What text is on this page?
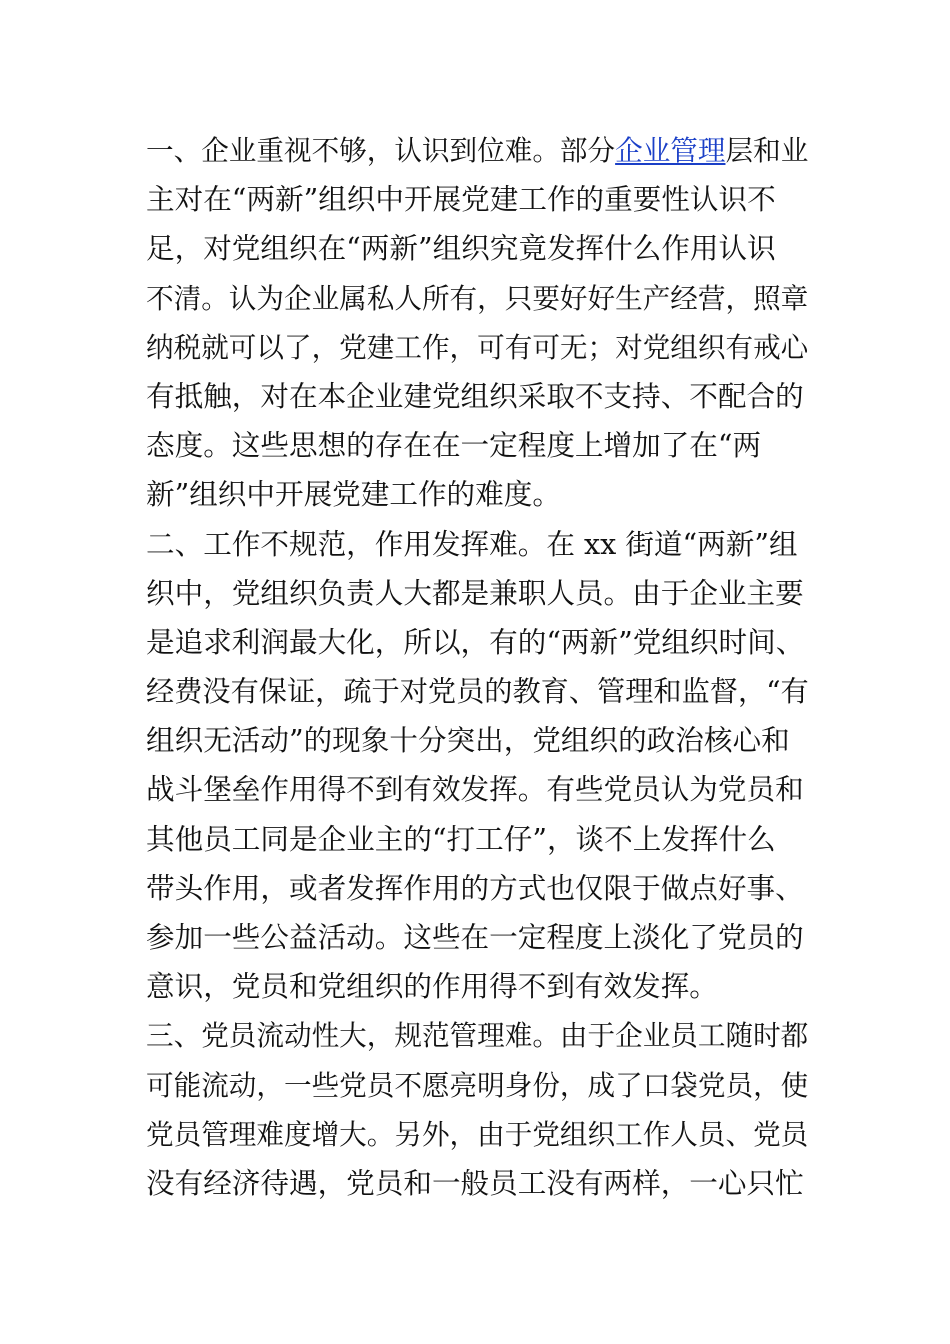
一、企业重视不够，认识到位难。部分企业管理层和业
主对在“两新”组织中开展党建工作的重要性认识不
足，对党组织在“两新”组织究竟发挥什么作用认识
不清。认为企业属私人所有，只要好好生产经营，照章
纳税就可以了，党建工作，可有可无；对党组织有戒心
有抵触，对在本企业建党组织采取不支持、不配合的
态度。这些思想的存在在一定程度上增加了在“两
新”组织中开展党建工作的难度。
二、工作不规范，作用发挥难。在 xx 街道“两新”组
织中，党组织负责人大都是兼职人员。由于企业主要
是追求利润最大化，所以，有的“两新”党组织时间、
经费没有保证，疏于对党员的教育、管理和监督，“有
组织无活动”的现象十分突出，党组织的政治核心和
战斗堡垒作用得不到有效发挥。有些党员认为党员和
其他员工同是企业主的“打工仔”，谈不上发挥什么
带头作用，或者发挥作用的方式也仅限于做点好事、
参加一些公益活动。这些在一定程度上淡化了党员的
意识，党员和党组织的作用得不到有效发挥。
三、党员流动性大，规范管理难。由于企业员工随时都
可能流动，一些党员不愿亮明身份，成了口袋党员，使
党员管理难度增大。另外，由于党组织工作人员、党员
没有经济待遇，党员和一般员工没有两样，一心只忙
